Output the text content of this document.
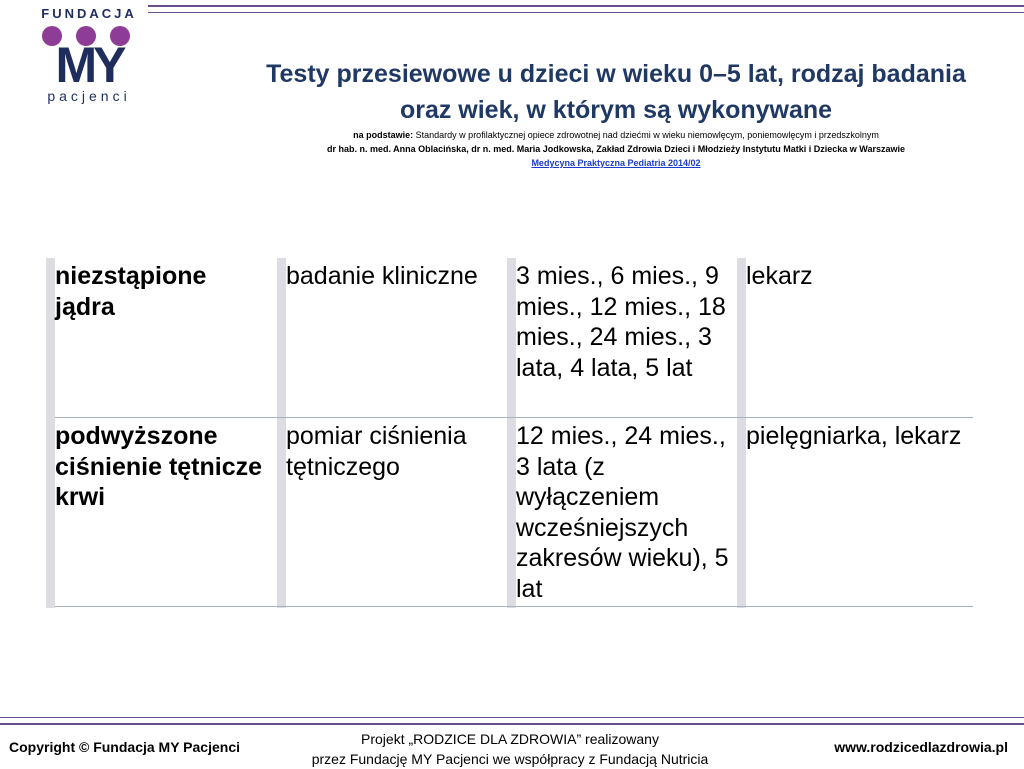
FUNDACJA
MY
pacjenci
Testy przesiewowe u dzieci w wieku 0–5 lat, rodzaj badania
oraz wiek, w którym są wykonywane
na podstawie: Standardy w profilaktycznej opiece zdrowotnej nad dziećmi w wieku niemowlęcym, poniemowlęcym i przedszkolnym
dr hab. n. med. Anna Oblacińska, dr n. med. Maria Jodkowska, Zakład Zdrowia Dzieci i Młodzieży Instytutu Matki i Dziecka w Warszawie
Medycyna Praktyczna Pediatria 2014/02
niezstąpione jądra
badanie kliniczne	3 mies., 6 mies., 9 mies., 12 mies., 18 mies., 24 mies., 3 lata, 4 lata, 5 lat
lekarz
podwyższone ciśnienie tętnicze krwi
pomiar ciśnienia tętniczego
12 mies., 24 mies., 3 lata (z wyłączeniem wcześniejszych zakresów wieku), 5 lat
pielęgniarka, lekarz
Copyright © Fundacja MY Pacjenci	Projekt „RODZICE DLA ZDROWIA” realizowany
przez Fundację MY Pacjenci we współpracy z Fundacją Nutricia
www.rodzicedlazdrowia.pl
